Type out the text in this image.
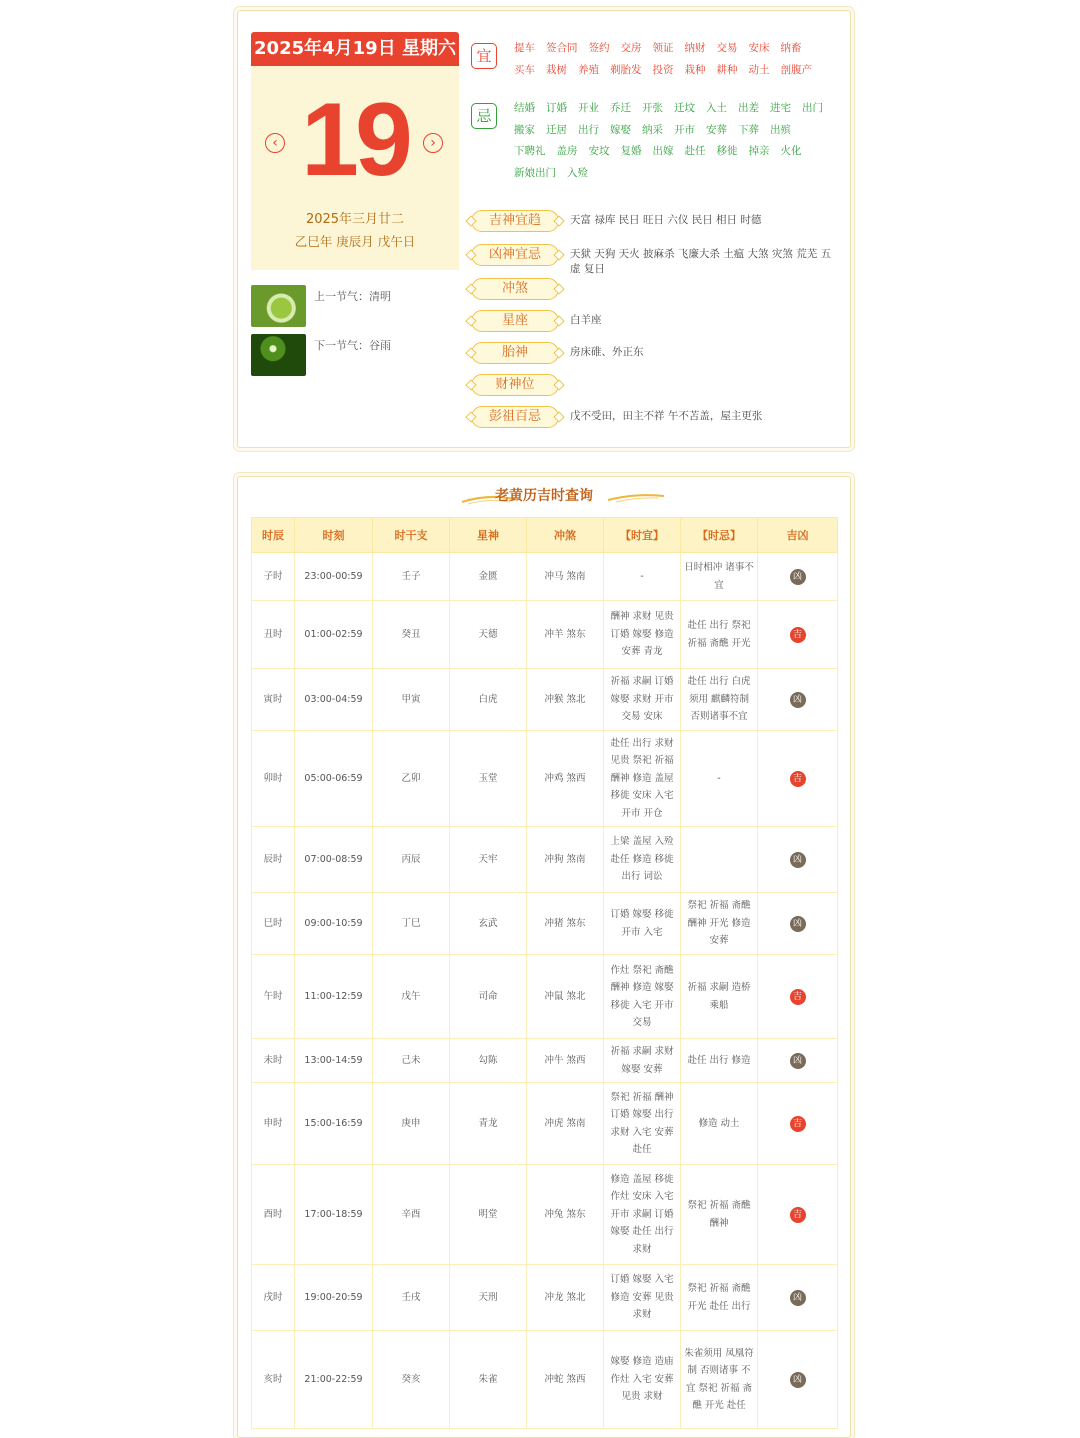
2025年4月19日 星期六
‹ 19	›
2025年三月廿二
乙巳年 庚辰月 戊午日
上一节气：清明
下一节气：谷雨
宜	提车 签合同 签约 交房 领证 纳财 交易 安床 纳畜买车 栽树 养殖 剃胎发 投资 栽种 耕种 动土 剖腹产
忌	结婚 订婚 开业 乔迁 开张 迁坟 入土 出差 进宅 出门搬家 迁居 出行 嫁娶 纳采 开市 安葬 下葬 出殡下聘礼 盖房 安坟 复婚 出嫁 赴任 移徙 掉亲 火化新娘出门 入殓
吉神宜趋	天富 禄库 民日 旺日 六仪 民日 相日 时德
凶神宜忌	天狱 天狗 天火 披麻杀 飞廉大杀 土瘟 大煞 灾煞 荒芜 五虚 复日
冲煞
星座	白羊座
胎神	房床碓、外正东
财神位
彭祖百忌	戊不受田，田主不祥 午不苫盖，屋主更张
老黄历吉时查询
时辰	时刻	时干支	星神	冲煞	【时宜】	【时忌】	吉凶
子时	23:00-00:59	壬子	金匮	冲马 煞南	-	日时相冲 诸事不宜	凶
丑时	01:00-02:59	癸丑	天德	冲羊 煞东	酬神 求财 见贵 订婚 嫁娶 修造 安葬 青龙	赴任 出行 祭祀 祈福 斋醮 开光	吉
寅时	03:00-04:59	甲寅	白虎	冲猴 煞北	祈福 求嗣 订婚 嫁娶 求财 开市 交易 安床	赴任 出行 白虎 须用 麒麟符制 否则诸事不宜	凶
卯时	05:00-06:59	乙卯	玉堂	冲鸡 煞西	赴任 出行 求财 见贵 祭祀 祈福 酬神 修造 盖屋 移徙 安床 入宅 开市 开仓	-	吉
辰时	07:00-08:59	丙辰	天牢	冲狗 煞南	上梁 盖屋 入殓 赴任 修造 移徙 出行 词讼		凶
巳时	09:00-10:59	丁巳	玄武	冲猪 煞东	订婚 嫁娶 移徙 开市 入宅	祭祀 祈福 斋醮 酬神 开光 修造 安葬	凶
午时	11:00-12:59	戊午	司命	冲鼠 煞北	作灶 祭祀 斋醮 酬神 修造 嫁娶 移徙 入宅 开市 交易	祈福 求嗣 造桥 乘船	吉
未时	13:00-14:59	己未	勾陈	冲牛 煞西	祈福 求嗣 求财 嫁娶 安葬	赴任 出行 修造	凶
申时	15:00-16:59	庚申	青龙	冲虎 煞南	祭祀 祈福 酬神 订婚 嫁娶 出行 求财 入宅 安葬 赴任	修造 动土	吉
酉时	17:00-18:59	辛酉	明堂	冲兔 煞东	修造 盖屋 移徙 作灶 安床 入宅 开市 求嗣 订婚 嫁娶 赴任 出行 求财	祭祀 祈福 斋醮 酬神	吉
戌时	19:00-20:59	壬戌	天刑	冲龙 煞北	订婚 嫁娶 入宅 修造 安葬 见贵 求财	祭祀 祈福 斋醮 开光 赴任 出行	凶
亥时	21:00-22:59	癸亥	朱雀	冲蛇 煞西	嫁娶 修造 造庙 作灶 入宅 安葬 见贵 求财	朱雀须用 凤凰符制 否则诸事 不宜 祭祀 祈福 斋醮 开光 赴任	凶
